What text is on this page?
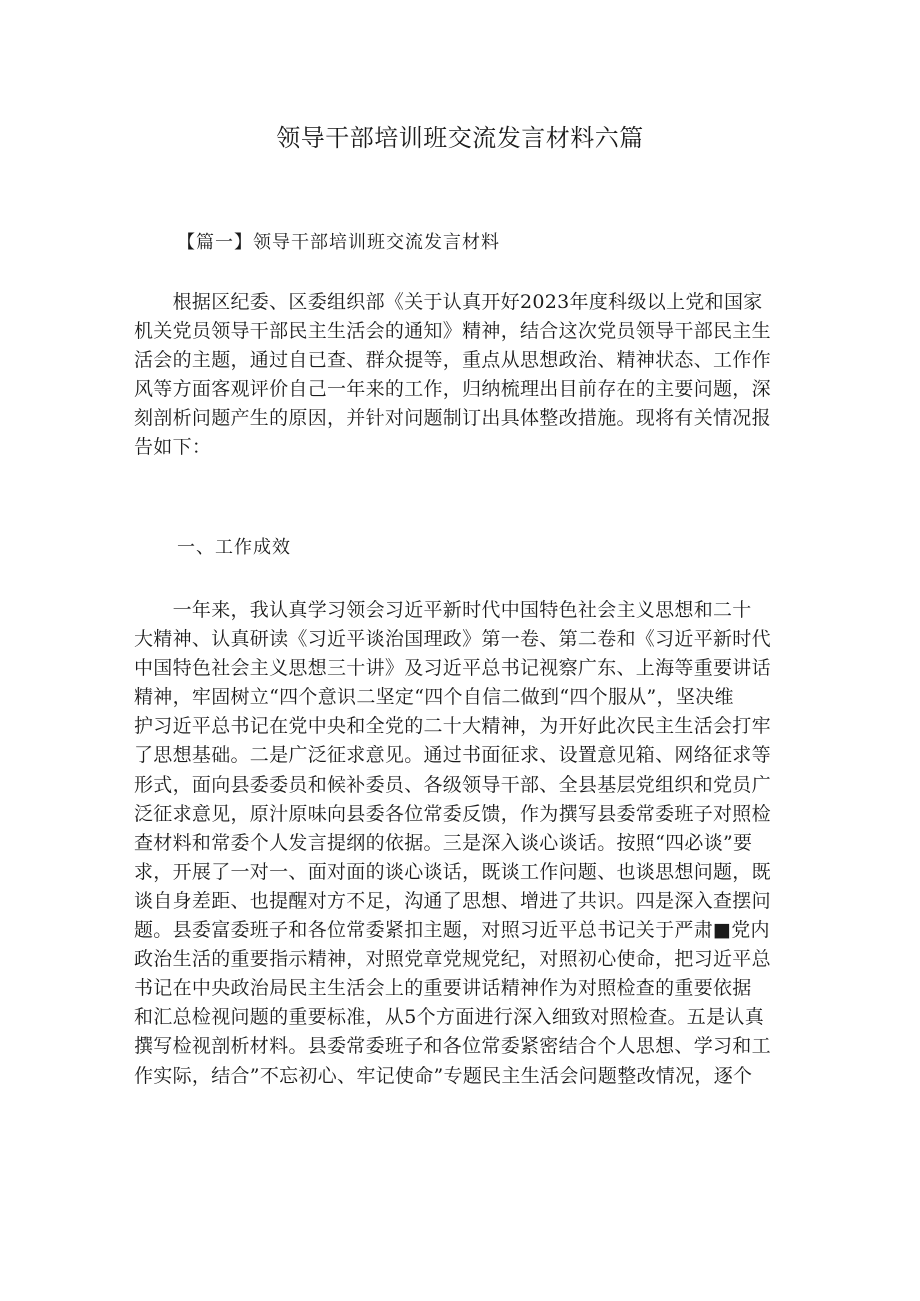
领导干部培训班交流发言材料六篇

【篇一】领导干部培训班交流发言材料

　　根据区纪委、区委组织部《关于认真开好2023年度科级以上党和国家
机关党员领导干部民主生活会的通知》精神，结合这次党员领导干部民主生
活会的主题，通过自已查、群众提等，重点从思想政治、精神状态、工作作
风等方面客观评价自己一年来的工作，归纳梳理出目前存在的主要问题，深
刻剖析问题产生的原因，并针对问题制订出具体整改措施。现将有关情况报
告如下：

一、工作成效

　　一年来，我认真学习领会习近平新时代中国特色社会主义思想和二十
大精神、认真研读《习近平谈治国理政》第一卷、第二卷和《习近平新时代
中国特色社会主义思想三十讲》及习近平总书记视察广东、上海等重要讲话
精神，牢固树立“四个意识二坚定“四个自信二做到“四个服从”，坚决维
护习近平总书记在党中央和全党的二十大精神，为开好此次民主生活会打牢
了思想基础。二是广泛征求意见。通过书面征求、设置意见箱、网络征求等
形式，面向县委委员和候补委员、各级领导干部、全县基层党组织和党员广
泛征求意见，原汁原味向县委各位常委反馈，作为撰写县委常委班子对照检
查材料和常委个人发言提纲的依据。三是深入谈心谈话。按照“四必谈”要
求，开展了一对一、面对面的谈心谈话，既谈工作问题、也谈思想问题，既
谈自身差距、也提醒对方不足，沟通了思想、增进了共识。四是深入查摆问
题。县委富委班子和各位常委紧扣主题，对照习近平总书记关于严肃■党内
政治生活的重要指示精神，对照党章党规党纪，对照初心使命，把习近平总
书记在中央政治局民主生活会上的重要讲话精神作为对照检查的重要依据
和汇总检视问题的重要标准，从5个方面进行深入细致对照检查。五是认真
撰写检视剖析材料。县委常委班子和各位常委紧密结合个人思想、学习和工
作实际，结合”不忘初心、牢记使命”专题民主生活会问题整改情况，逐个
